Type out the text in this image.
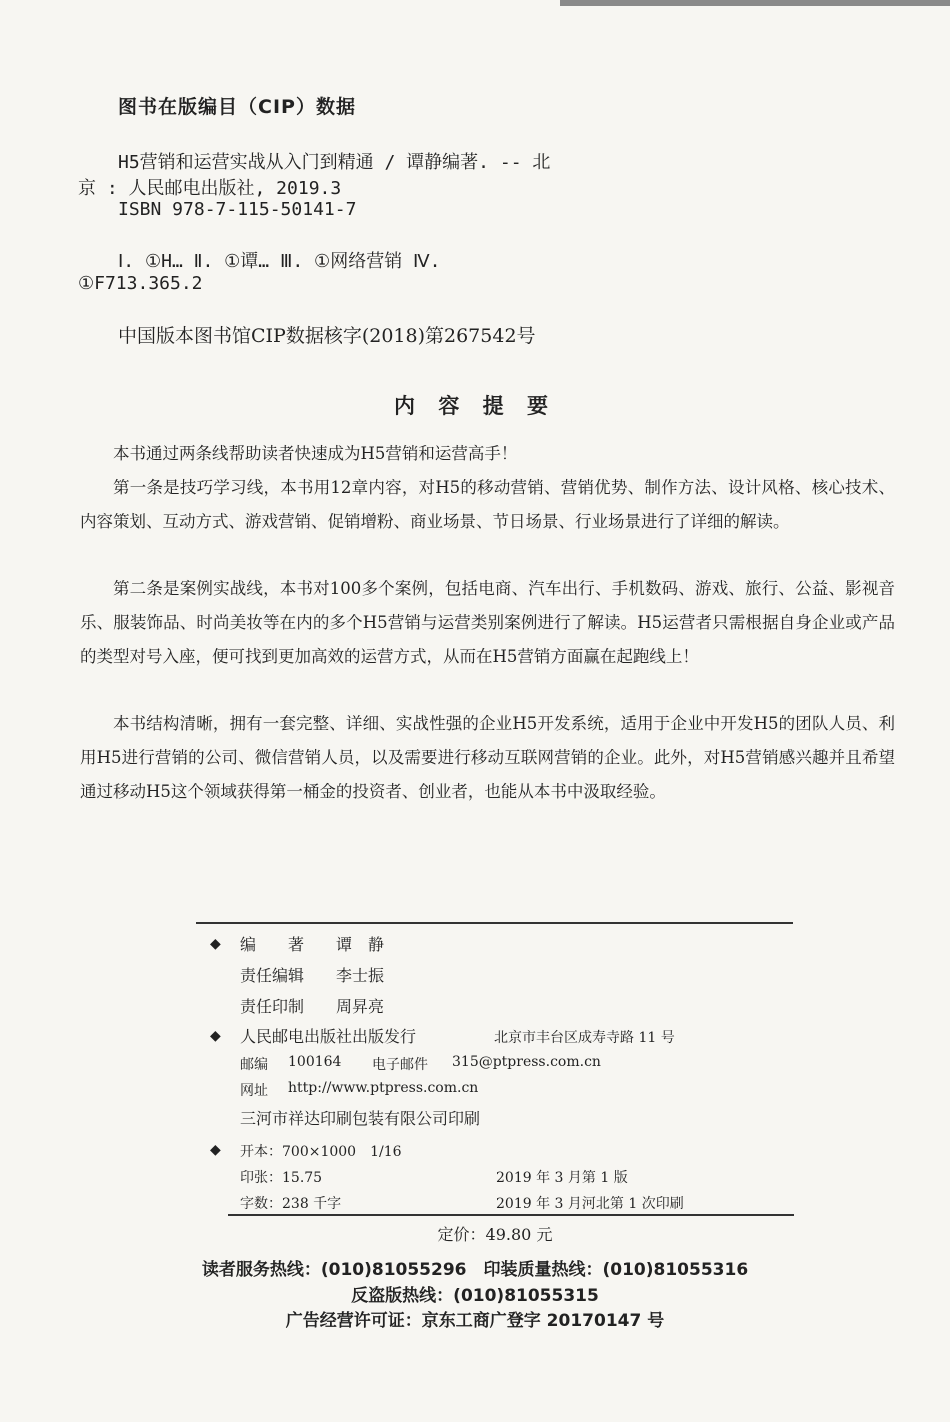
图书在版编目（CIP）数据
H5营销和运营实战从入门到精通 / 谭静编著. -- 北
京 : 人民邮电出版社, 2019.3
ISBN 978-7-115-50141-7
Ⅰ. ①H… Ⅱ. ①谭… Ⅲ. ①网络营销 Ⅳ.
①F713.365.2
中国版本图书馆CIP数据核字(2018)第267542号
内 容 提 要

本书通过两条线帮助读者快速成为H5营销和运营高手！

第一条是技巧学习线，本书用12章内容，对H5的移动营销、营销优势、制作方法、设计风格、核心技术、内容策划、互动方式、游戏营销、促销增粉、商业场景、节日场景、行业场景进行了详细的解读。

第二条是案例实战线，本书对100多个案例，包括电商、汽车出行、手机数码、游戏、旅行、公益、影视音乐、服装饰品、时尚美妆等在内的多个H5营销与运营类别案例进行了解读。H5运营者只需根据自身企业或产品的类型对号入座，便可找到更加高效的运营方式，从而在H5营销方面赢在起跑线上！

本书结构清晰，拥有一套完整、详细、实战性强的企业H5开发系统，适用于企业中开发H5的团队人员、利用H5进行营销的公司、微信营销人员，以及需要进行移动互联网营销的企业。此外，对H5营销感兴趣并且希望通过移动H5这个领域获得第一桶金的投资者、创业者，也能从本书中汲取经验。

◆ 编　　著 谭　静
责任编辑 李士振
责任印制 周昇亮
◆ 人民邮电出版社出版发行	北京市丰台区成寿寺路 11 号
邮编 100164 电子邮件 315@ptpress.com.cn
网址 http://www.ptpress.com.cn
三河市祥达印刷包装有限公司印刷
◆ 开本：700×1000　1/16
印张：15.75	2019 年 3 月第 1 版
字数：238 千字	2019 年 3 月河北第 1 次印刷
定价：49.80 元
读者服务热线：(010)81055296　印装质量热线：(010)81055316
反盗版热线：(010)81055315
广告经营许可证：京东工商广登字 20170147 号
